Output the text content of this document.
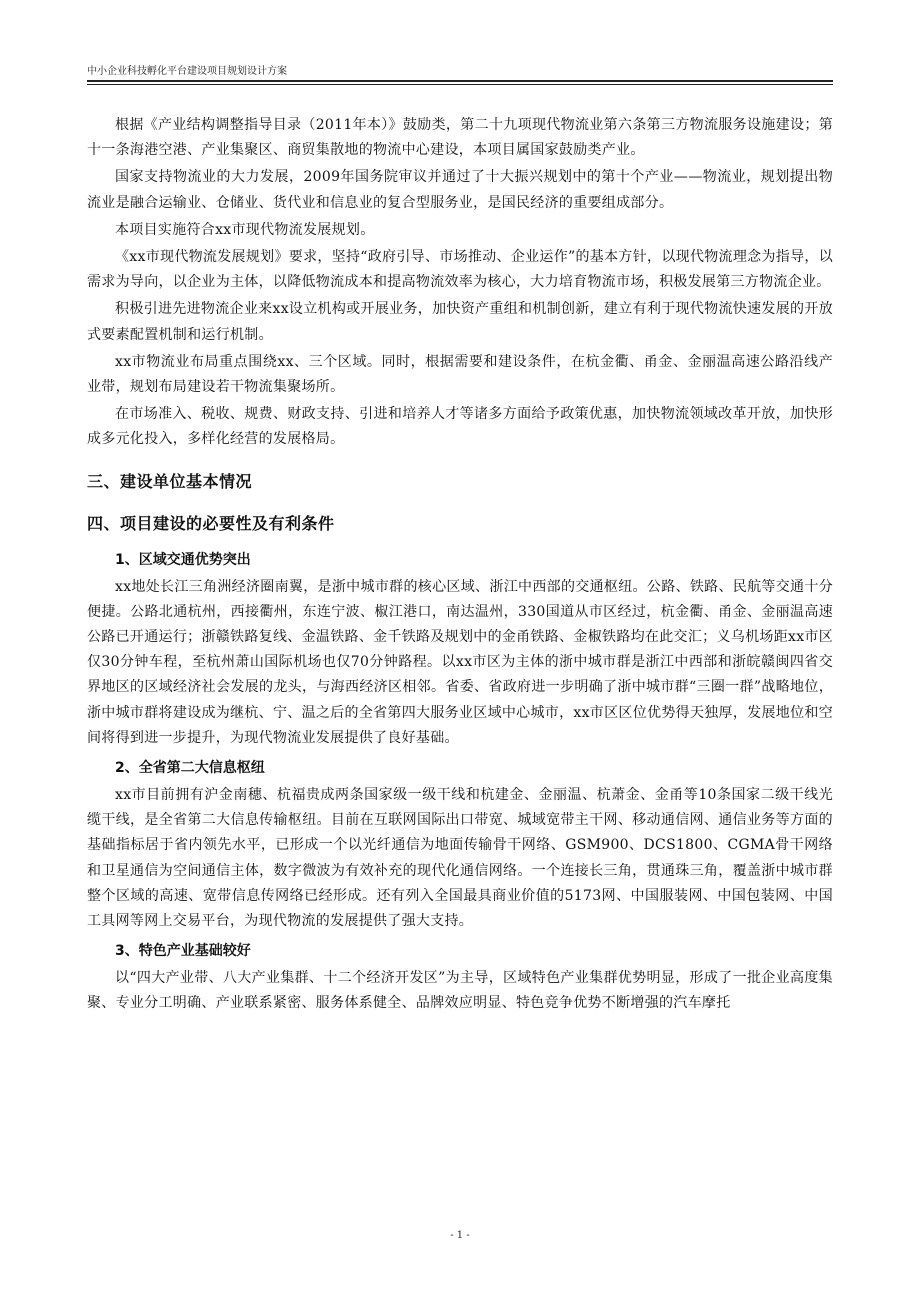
中小企业科技孵化平台建设项目规划设计方案

根据《产业结构调整指导目录（2011年本）》鼓励类，第二十九项现代物流业第六条第三方物流服务设施建设；第十一条海港空港、产业集聚区、商贸集散地的物流中心建设，本项目属国家鼓励类产业。

国家支持物流业的大力发展，2009年国务院审议并通过了十大振兴规划中的第十个产业——物流业，规划提出物流业是融合运输业、仓储业、货代业和信息业的复合型服务业，是国民经济的重要组成部分。

本项目实施符合xx市现代物流发展规划。

《xx市现代物流发展规划》要求，坚持“政府引导、市场推动、企业运作”的基本方针，以现代物流理念为指导，以需求为导向，以企业为主体，以降低物流成本和提高物流效率为核心，大力培育物流市场，积极发展第三方物流企业。

积极引进先进物流企业来xx设立机构或开展业务，加快资产重组和机制创新，建立有利于现代物流快速发展的开放式要素配置机制和运行机制。

xx市物流业布局重点围绕xx、三个区域。同时，根据需要和建设条件，在杭金衢、甬金、金丽温高速公路沿线产业带，规划布局建设若干物流集聚场所。

在市场准入、税收、规费、财政支持、引进和培养人才等诸多方面给予政策优惠，加快物流领域改革开放，加快形成多元化投入，多样化经营的发展格局。

三、建设单位基本情况
四、项目建设的必要性及有利条件
1、区域交通优势突出

xx地处长江三角洲经济圈南翼，是浙中城市群的核心区域、浙江中西部的交通枢纽。公路、铁路、民航等交通十分便捷。公路北通杭州，西接衢州，东连宁波、椒江港口，南达温州，330国道从市区经过，杭金衢、甬金、金丽温高速公路已开通运行；浙赣铁路复线、金温铁路、金千铁路及规划中的金甬铁路、金椒铁路均在此交汇；义乌机场距xx市区仅30分钟车程，至杭州萧山国际机场也仅70分钟路程。以xx市区为主体的浙中城市群是浙江中西部和浙皖赣闽四省交界地区的区域经济社会发展的龙头，与海西经济区相邻。省委、省政府进一步明确了浙中城市群“三圈一群”战略地位，浙中城市群将建设成为继杭、宁、温之后的全省第四大服务业区域中心城市，xx市区区位优势得天独厚，发展地位和空间将得到进一步提升，为现代物流业发展提供了良好基础。

2、全省第二大信息枢纽

xx市目前拥有沪金南穗、杭福贵成两条国家级一级干线和杭建金、金丽温、杭萧金、金甬等10条国家二级干线光缆干线，是全省第二大信息传输枢纽。目前在互联网国际出口带宽、城域宽带主干网、移动通信网、通信业务等方面的基础指标居于省内领先水平，已形成一个以光纤通信为地面传输骨干网络、GSM900、DCS1800、CGMA骨干网络和卫星通信为空间通信主体，数字微波为有效补充的现代化通信网络。一个连接长三角，贯通珠三角，覆盖浙中城市群整个区域的高速、宽带信息传网络已经形成。还有列入全国最具商业价值的5173网、中国服装网、中国包装网、中国工具网等网上交易平台，为现代物流的发展提供了强大支持。

3、特色产业基础较好

以“四大产业带、八大产业集群、十二个经济开发区”为主导，区域特色产业集群优势明显，形成了一批企业高度集聚、专业分工明确、产业联系紧密、服务体系健全、品牌效应明显、特色竞争优势不断增强的汽车摩托

- 1 -
